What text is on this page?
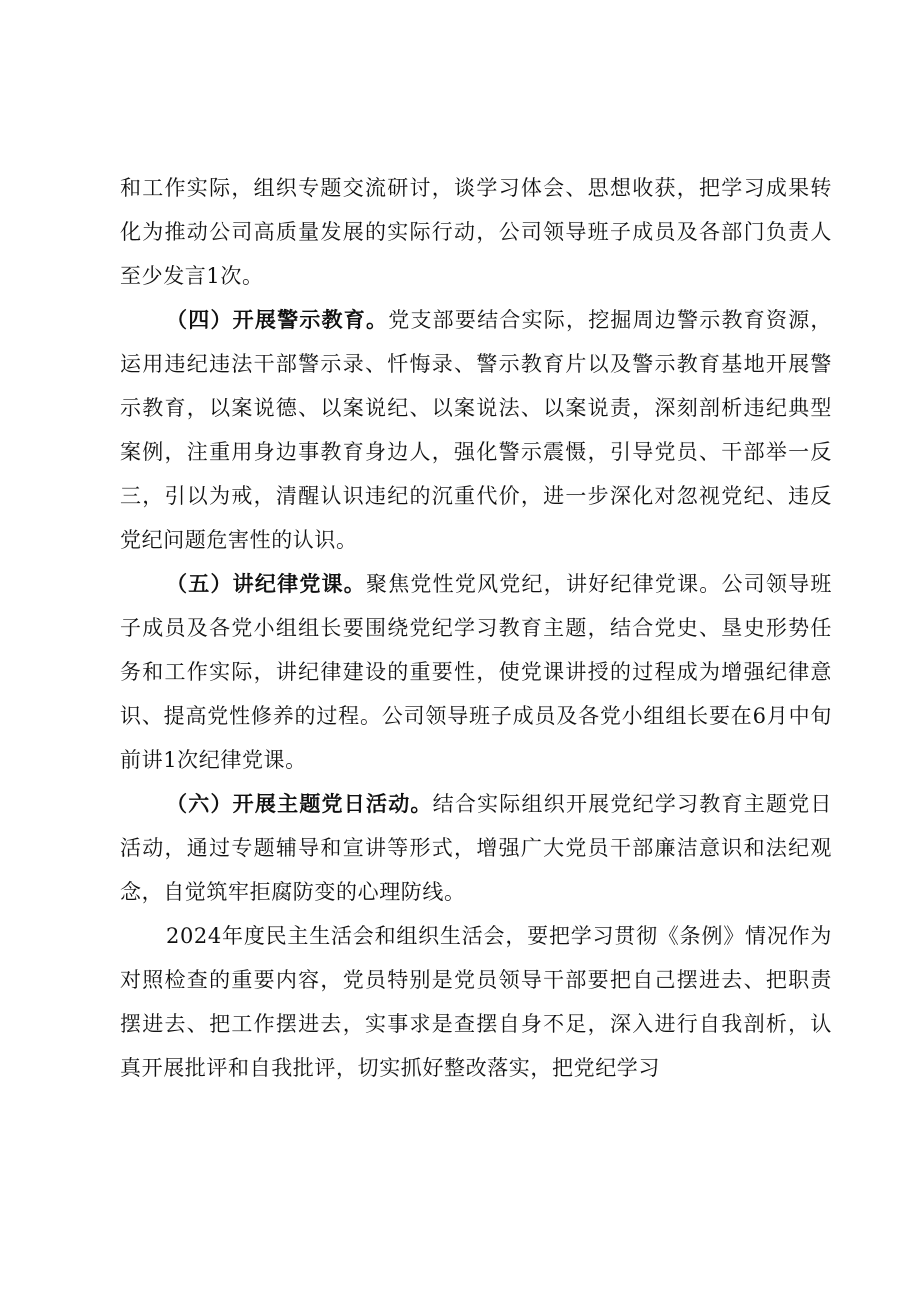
和工作实际，组织专题交流研讨，谈学习体会、思想收获，把学习成果转化为推动公司高质量发展的实际行动，公司领导班子成员及各部门负责人至少发言1次。

（四）开展警示教育。党支部要结合实际，挖掘周边警示教育资源，运用违纪违法干部警示录、忏悔录、警示教育片以及警示教育基地开展警示教育，以案说德、以案说纪、以案说法、以案说责，深刻剖析违纪典型案例，注重用身边事教育身边人，强化警示震慑，引导党员、干部举一反三，引以为戒，清醒认识违纪的沉重代价，进一步深化对忽视党纪、违反党纪问题危害性的认识。

（五）讲纪律党课。聚焦党性党风党纪，讲好纪律党课。公司领导班子成员及各党小组组长要围绕党纪学习教育主题，结合党史、垦史形势任务和工作实际，讲纪律建设的重要性，使党课讲授的过程成为增强纪律意识、提高党性修养的过程。公司领导班子成员及各党小组组长要在6月中旬前讲1次纪律党课。

（六）开展主题党日活动。结合实际组织开展党纪学习教育主题党日活动，通过专题辅导和宣讲等形式，增强广大党员干部廉洁意识和法纪观念，自觉筑牢拒腐防变的心理防线。

2024年度民主生活会和组织生活会，要把学习贯彻《条例》情况作为对照检查的重要内容，党员特别是党员领导干部要把自己摆进去、把职责摆进去、把工作摆进去，实事求是查摆自身不足，深入进行自我剖析，认真开展批评和自我批评，切实抓好整改落实，把党纪学习
